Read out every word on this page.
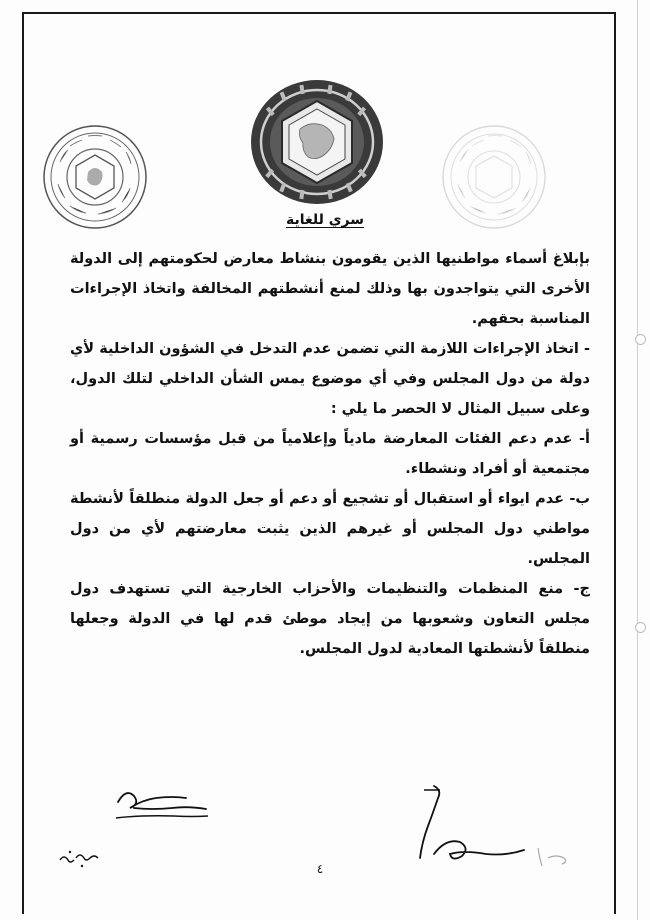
سري للغاية

بإبلاغ أسماء مواطنيها الذين يقومون بنشاط معارض لحكومتهم إلى الدولة الأخرى التي يتواجدون بها وذلك لمنع أنشطتهم المخالفة واتخاذ الإجراءات المناسبة بحقهم.

- اتخاذ الإجراءات اللازمة التي تضمن عدم التدخل في الشؤون الداخلية لأي دولة من دول المجلس وفي أي موضوع يمس الشأن الداخلي لتلك الدول، وعلى سبيل المثال لا الحصر ما يلي :

أ- عدم دعم الفئات المعارضة مادياً وإعلامياً من قبل مؤسسات رسمية أو مجتمعية أو أفراد ونشطاء.

ب- عدم ايواء أو استقبال أو تشجيع أو دعم أو جعل الدولة منطلقاً لأنشطة مواطني دول المجلس أو غيرهم الذين يثبت معارضتهم لأي من دول المجلس.

ج- منع المنظمات والتنظيمات والأحزاب الخارجية التي تستهدف دول مجلس التعاون وشعوبها من إيجاد موطئ قدم لها في الدولة وجعلها منطلقاً لأنشطتها المعادية لدول المجلس.

٤
